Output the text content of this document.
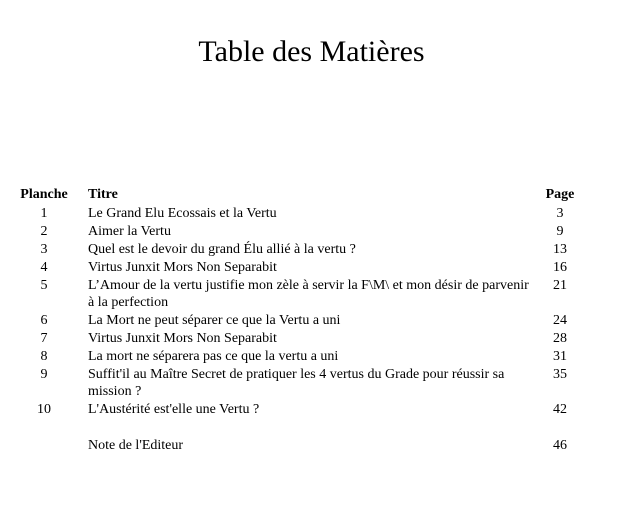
Table des Matières
Planche	Titre	Page
1	Le Grand Elu Ecossais et la Vertu	3
2	Aimer la Vertu	9
3	Quel est le devoir du grand Élu allié à la vertu ?	13
4	Virtus Junxit Mors Non Separabit	16
5	L’Amour de la vertu justifie mon zèle à servir la F\M\ et mon désir de parvenir à la perfection	21
6	La Mort ne peut séparer ce que la Vertu a uni	24
7	Virtus Junxit Mors Non Separabit	28
8	La mort ne séparera pas ce que la vertu a uni	31
9	Suffit'il au Maître Secret de pratiquer les 4 vertus du Grade pour réussir sa mission ?	35
10	L'Austérité est'elle une Vertu ?	42

	Note de l'Editeur	46
